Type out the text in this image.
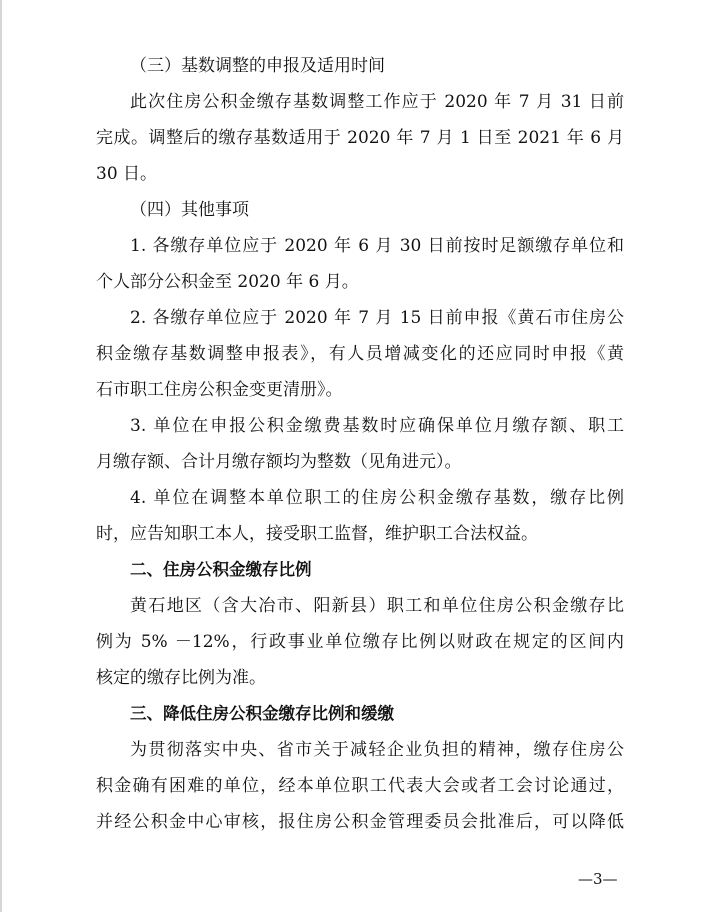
（三）基数调整的申报及适用时间
此次住房公积金缴存基数调整工作应于 2020 年 7 月 31 日前
完成。调整后的缴存基数适用于 2020 年 7 月 1 日至 2021 年 6 月
30 日。
（四）其他事项
1. 各缴存单位应于 2020 年 6 月 30 日前按时足额缴存单位和
个人部分公积金至 2020 年 6 月。
2. 各缴存单位应于 2020 年 7 月 15 日前申报《黄石市住房公
积金缴存基数调整申报表》，有人员增减变化的还应同时申报《黄
石市职工住房公积金变更清册》。
3. 单位在申报公积金缴费基数时应确保单位月缴存额、职工
月缴存额、合计月缴存额均为整数（见角进元）。
4. 单位在调整本单位职工的住房公积金缴存基数，缴存比例
时，应告知职工本人，接受职工监督，维护职工合法权益。
二、住房公积金缴存比例
黄石地区（含大冶市、阳新县）职工和单位住房公积金缴存比
例为 5% －12%，行政事业单位缴存比例以财政在规定的区间内
核定的缴存比例为准。
三、降低住房公积金缴存比例和缓缴
为贯彻落实中央、省市关于减轻企业负担的精神，缴存住房公
积金确有困难的单位，经本单位职工代表大会或者工会讨论通过，
并经公积金中心审核，报住房公积金管理委员会批准后，可以降低
—3—
